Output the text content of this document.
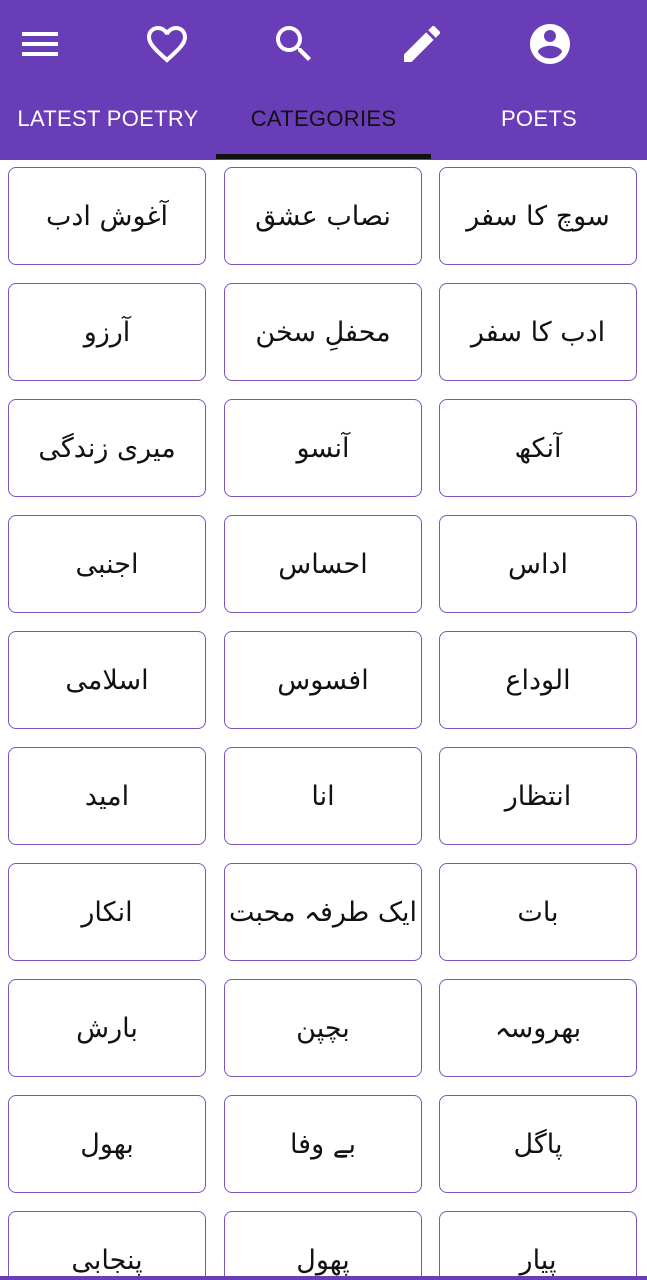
LATEST POETRY	CATEGORIES	POETS
سوچ کا سفر
نصاب عشق
آغوش ادب
ادب کا سفر
محفلِ سخن
آرزو
آنکھ
آنسو
میری زندگی
اداس
احساس
اجنبی
الوداع
افسوس
اسلامی
انتظار
انا
امید
بات
ایک طرفہ محبت
انکار
بھروسہ
بچپن
بارش
پاگل
بے وفا
بھول
پیار
پھول
پنجابی
